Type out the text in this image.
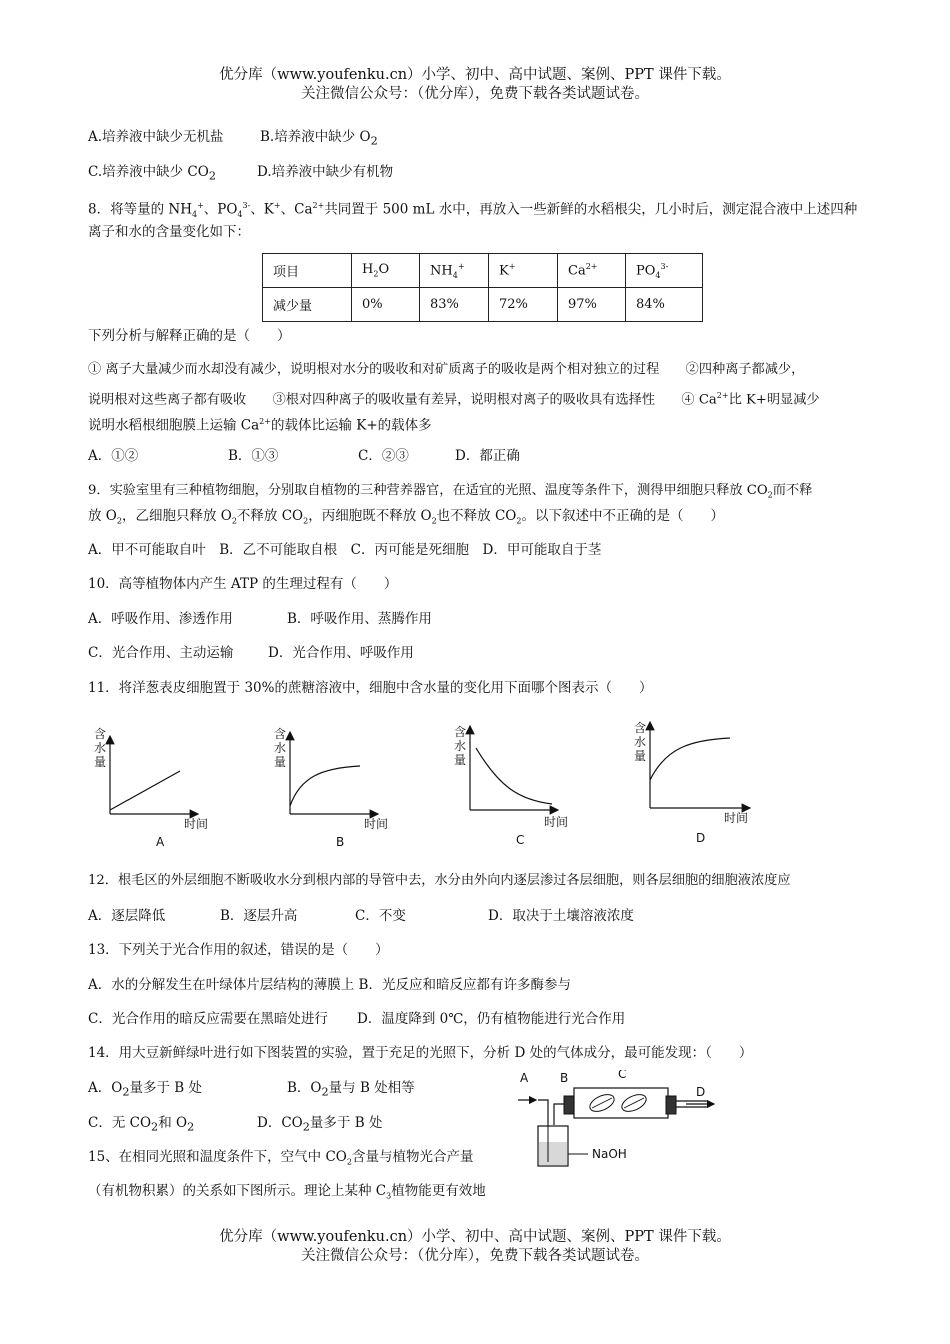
优分库（www.youfenku.cn）小学、初中、高中试题、案例、PPT 课件下载。
关注微信公众号：（优分库），免费下载各类试题试卷。
A.培养液中缺少无机盐	B.培养液中缺少 $O_2$
C.培养液中缺少 $CO_2$	D.培养液中缺少有机物
8．将等量的 $NH_4^+$、$PO_4^{3-}$、K+、$Ca^{2+}$共同置于 500 mL 水中，再放入一些新鲜的水稻根尖，几小时后，测定混合液中上述四种
离子和水的含量变化如下：
项目	$H_2O$	$NH_4^+$	K+	$Ca^{2+}$	$PO_4^{3-}$
减少量	0%	83%	72%	97%	84%
下列分析与解释正确的是（　　）
① 离子大量减少而水却没有减少，说明根对水分的吸收和对矿质离子的吸收是两个相对独立的过程　　②四种离子都减少，
说明根对这些离子都有吸收　　③根对四种离子的吸收量有差异，说明根对离子的吸收具有选择性　　④ $Ca^{2+}$比 K+明显减少
说明水稻根细胞膜上运输 $Ca^{2+}$的载体比运输 K+的载体多
A．①②	B．①③	C．②③	D．都正确
9．实验室里有三种植物细胞，分别取自植物的三种营养器官，在适宜的光照、温度等条件下，测得甲细胞只释放 $CO_2$而不释
放 $O_2$，乙细胞只释放 $O_2$不释放 $CO_2$，丙细胞既不释放 $O_2$也不释放 $CO_2$。以下叙述中不正确的是（　　）
A．甲不可能取自叶　B．乙不可能取自根　C．丙可能是死细胞　D．甲可能取自于茎
10．高等植物体内产生 ATP 的生理过程有（　　）
A．呼吸作用、渗透作用	B．呼吸作用、蒸腾作用
C．光合作用、主动运输	D．光合作用、呼吸作用
11．将洋葱表皮细胞置于 30%的蔗糖溶液中，细胞中含水量的变化用下面哪个图表示（　　）
含
水
量
时间
A
含
水
量
时间
B
含
水
量
时间
C
含
水
量
时间
D
12．根毛区的外层细胞不断吸收水分到根内部的导管中去，水分由外向内逐层渗过各层细胞，则各层细胞的细胞液浓度应
A．逐层降低	B．逐层升高	C．不变	D．取决于土壤溶液浓度
13．下列关于光合作用的叙述，错误的是（　　）
A．水的分解发生在叶绿体片层结构的薄膜上 B．光反应和暗反应都有许多酶参与
C．光合作用的暗反应需要在黑暗处进行 D．温度降到 0℃，仍有植物能进行光合作用
14．用大豆新鲜绿叶进行如下图装置的实验，置于充足的光照下，分析 D 处的气体成分，最可能发现：（　　）
A．$O_2$量多于 B 处	B．$O_2$量与 B 处相等
C．无 $CO_2$和 $O_2$	D．$CO_2$量多于 B 处
A	B	C
D
NaOH
15、在相同光照和温度条件下，空气中 $CO_2$含量与植物光合产量
（有机物积累）的关系如下图所示。理论上某种 $C_3$植物能更有效地
优分库（www.youfenku.cn）小学、初中、高中试题、案例、PPT 课件下载。
关注微信公众号：（优分库），免费下载各类试题试卷。
